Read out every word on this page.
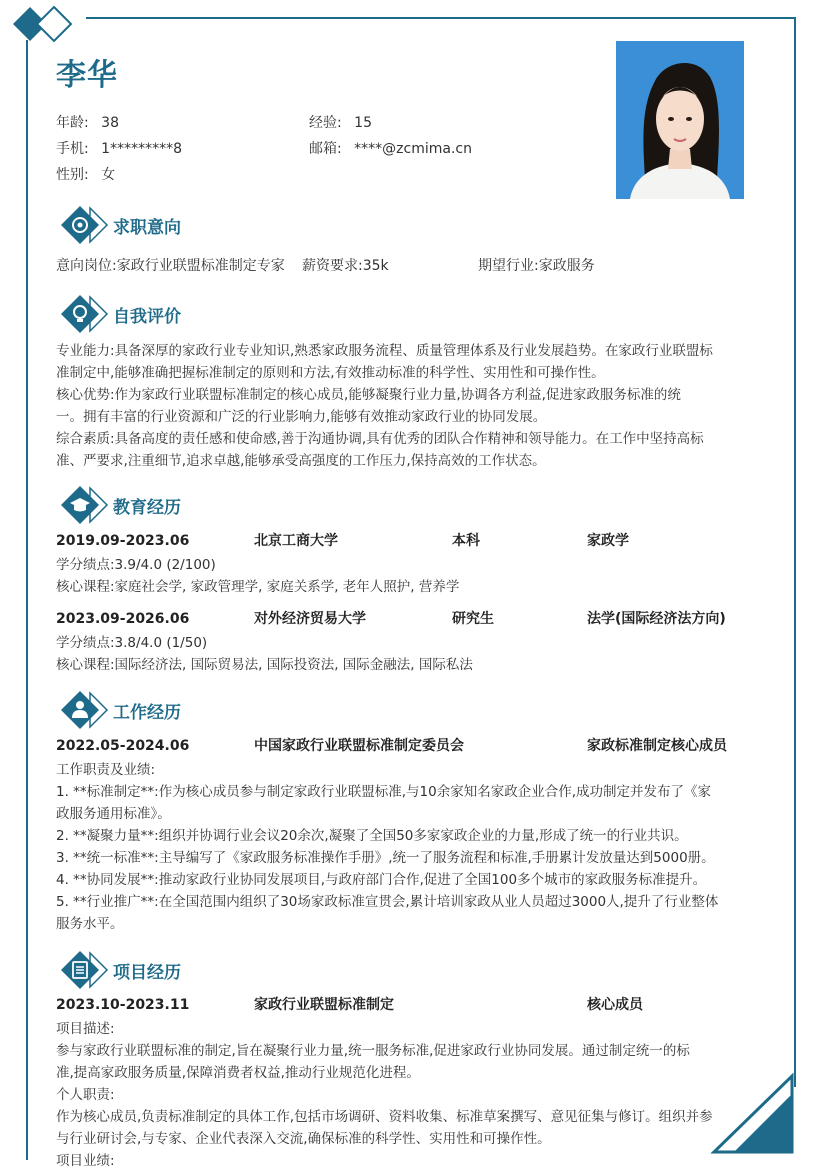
李华
年龄: 38	经验: 15
手机: 1*********8	邮箱: ****@zcmima.cn
性别: 女
求职意向
意向岗位:家政行业联盟标准制定专家 薪资要求:35k	期望行业:家政服务
自我评价
专业能力:具备深厚的家政行业专业知识,熟悉家政服务流程、质量管理体系及行业发展趋势。在家政行业联盟标
准制定中,能够准确把握标准制定的原则和方法,有效推动标准的科学性、实用性和可操作性。
核心优势:作为家政行业联盟标准制定的核心成员,能够凝聚行业力量,协调各方利益,促进家政服务标准的统
一。拥有丰富的行业资源和广泛的行业影响力,能够有效推动家政行业的协同发展。
综合素质:具备高度的责任感和使命感,善于沟通协调,具有优秀的团队合作精神和领导能力。在工作中坚持高标
准、严要求,注重细节,追求卓越,能够承受高强度的工作压力,保持高效的工作状态。
教育经历
2019.09-2023.06	北京工商大学	本科	家政学
学分绩点:3.9/4.0 (2/100)
核心课程:家庭社会学, 家政管理学, 家庭关系学, 老年人照护, 营养学
2023.09-2026.06	对外经济贸易大学	研究生	法学(国际经济法方向)
学分绩点:3.8/4.0 (1/50)
核心课程:国际经济法, 国际贸易法, 国际投资法, 国际金融法, 国际私法
工作经历
2022.05-2024.06	中国家政行业联盟标准制定委员会	家政标准制定核心成员
工作职责及业绩:
1. **标准制定**:作为核心成员参与制定家政行业联盟标准,与10余家知名家政企业合作,成功制定并发布了《家
政服务通用标准》。
2. **凝聚力量**:组织并协调行业会议20余次,凝聚了全国50多家家政企业的力量,形成了统一的行业共识。
3. **统一标准**:主导编写了《家政服务标准操作手册》,统一了服务流程和标准,手册累计发放量达到5000册。
4. **协同发展**:推动家政行业协同发展项目,与政府部门合作,促进了全国100多个城市的家政服务标准提升。
5. **行业推广**:在全国范围内组织了30场家政标准宣贯会,累计培训家政从业人员超过3000人,提升了行业整体
服务水平。
项目经历
2023.10-2023.11	家政行业联盟标准制定	核心成员
项目描述:
参与家政行业联盟标准的制定,旨在凝聚行业力量,统一服务标准,促进家政行业协同发展。通过制定统一的标
准,提高家政服务质量,保障消费者权益,推动行业规范化进程。
个人职责:
作为核心成员,负责标准制定的具体工作,包括市场调研、资料收集、标准草案撰写、意见征集与修订。组织并参
与行业研讨会,与专家、企业代表深入交流,确保标准的科学性、实用性和可操作性。
项目业绩:
